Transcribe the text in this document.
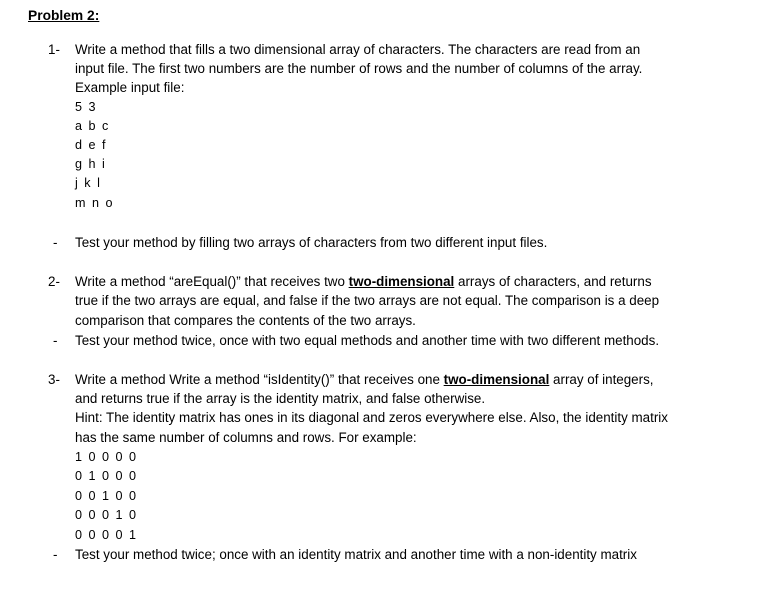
Problem 2:
1- Write a method that fills a two dimensional array of characters. The characters are read from an
input file. The first two numbers are the number of rows and the number of columns of the array.
Example input file:
5 3
a b c
d e f
g h i
j k l
m n o
- Test your method by filling two arrays of characters from two different input files.
2- Write a method “areEqual()” that receives two two-dimensional arrays of characters, and returns
true if the two arrays are equal, and false if the two arrays are not equal. The comparison is a deep
comparison that compares the contents of the two arrays.
- Test your method twice, once with two equal methods and another time with two different methods.
3- Write a method Write a method “isIdentity()” that receives one two-dimensional array of integers,
and returns true if the array is the identity matrix, and false otherwise.
Hint: The identity matrix has ones in its diagonal and zeros everywhere else. Also, the identity matrix
has the same number of columns and rows. For example:
1 0 0 0 0
0 1 0 0 0
0 0 1 0 0
0 0 0 1 0
0 0 0 0 1
- Test your method twice; once with an identity matrix and another time with a non-identity matrix
